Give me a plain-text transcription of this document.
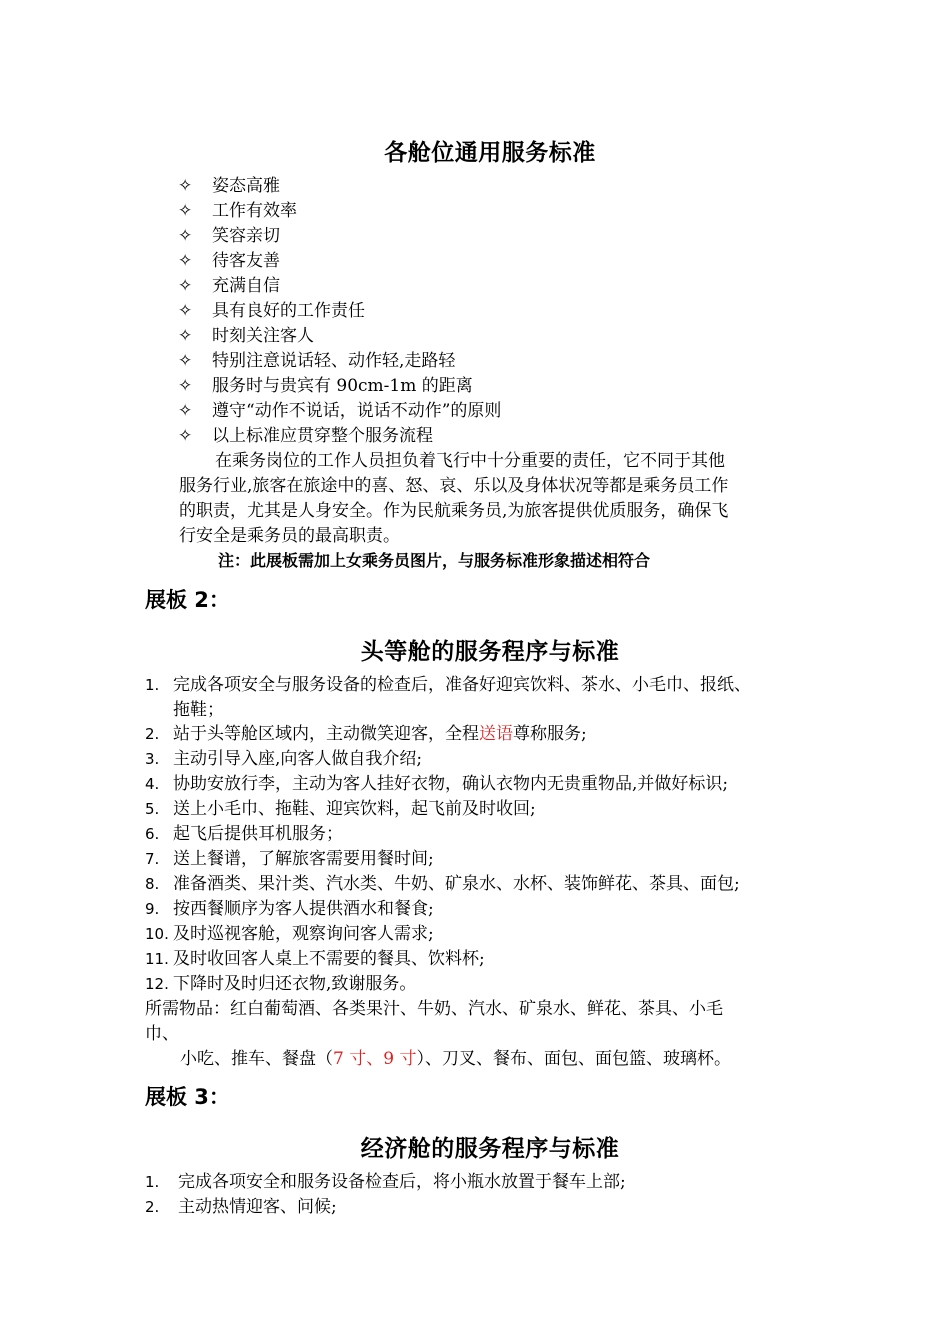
各舱位通用服务标准
✧ 姿态高雅
✧ 工作有效率
✧ 笑容亲切
✧ 待客友善
✧ 充满自信
✧ 具有良好的工作责任
✧ 时刻关注客人
✧ 特别注意说话轻、动作轻,走路轻
✧ 服务时与贵宾有 90cm-1m 的距离
✧ 遵守“动作不说话，说话不动作”的原则
✧ 以上标准应贯穿整个服务流程
在乘务岗位的工作人员担负着飞行中十分重要的责任，它不同于其他
服务行业,旅客在旅途中的喜、怒、哀、乐以及身体状况等都是乘务员工作
的职责，尤其是人身安全。作为民航乘务员,为旅客提供优质服务，确保飞
行安全是乘务员的最高职责。
注：此展板需加上女乘务员图片，与服务标准形象描述相符合
展板 2：
头等舱的服务程序与标准
1. 完成各项安全与服务设备的检查后，准备好迎宾饮料、茶水、小毛巾、报纸、
拖鞋；
2. 站于头等舱区域内，主动微笑迎客，全程送语尊称服务;
3. 主动引导入座,向客人做自我介绍;
4. 协助安放行李，主动为客人挂好衣物，确认衣物内无贵重物品,并做好标识;
5. 送上小毛巾、拖鞋、迎宾饮料，起飞前及时收回;
6. 起飞后提供耳机服务；
7. 送上餐谱，了解旅客需要用餐时间;
8. 准备酒类、果汁类、汽水类、牛奶、矿泉水、水杯、装饰鲜花、茶具、面包;
9. 按西餐顺序为客人提供酒水和餐食;
10. 及时巡视客舱，观察询问客人需求;
11. 及时收回客人桌上不需要的餐具、饮料杯;
12. 下降时及时归还衣物,致谢服务。
所需物品：红白葡萄酒、各类果汁、牛奶、汽水、矿泉水、鲜花、茶具、小毛
巾、
小吃、推车、餐盘（7 寸、9 寸）、刀叉、餐布、面包、面包篮、玻璃杯。
展板 3：
经济舱的服务程序与标准
1. 完成各项安全和服务设备检查后，将小瓶水放置于餐车上部;
2. 主动热情迎客、问候;
